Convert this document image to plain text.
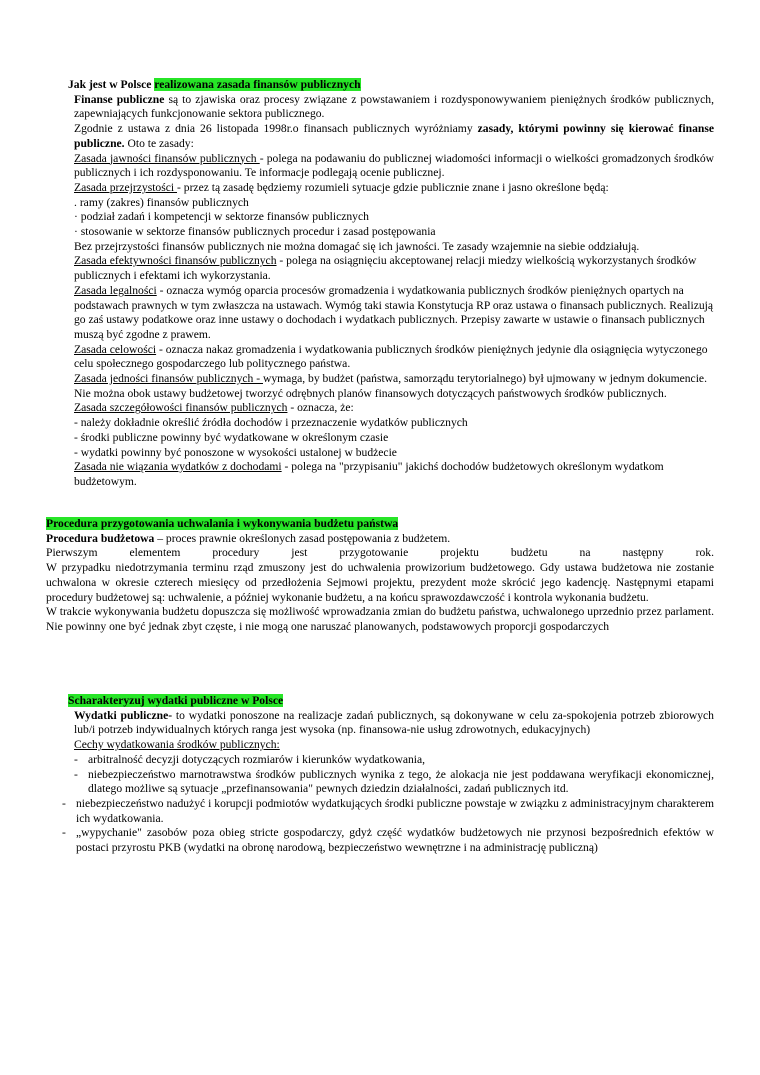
Jak jest w Polsce realizowana zasada finansów publicznych

Finanse publiczne są to zjawiska oraz procesy związane z powstawaniem i rozdysponowywaniem pieniężnych środków publicznych, zapewniających funkcjonowanie sektora publicznego.

Zgodnie z ustawa z dnia 26 listopada 1998r.o finansach publicznych wyróżniamy zasady, którymi powinny się kierować finanse publiczne. Oto te zasady:

Zasada jawności finansów publicznych - polega na podawaniu do publicznej wiadomości informacji o wielkości gromadzonych środków publicznych i ich rozdysponowaniu. Te informacje podlegają ocenie publicznej.

Zasada przejrzystości - przez tą zasadę będziemy rozumieli sytuacje gdzie publicznie znane i jasno określone będą:

. ramy (zakres) finansów publicznych

· podział zadań i kompetencji w sektorze finansów publicznych

· stosowanie w sektorze finansów publicznych procedur i zasad postępowania

Bez przejrzystości finansów publicznych nie można domagać się ich jawności. Te zasady wzajemnie na siebie oddziałują.

Zasada efektywności finansów publicznych - polega na osiągnięciu akceptowanej relacji miedzy wielkością wykorzystanych środków publicznych i efektami ich wykorzystania.

Zasada legalności - oznacza wymóg oparcia procesów gromadzenia i wydatkowania publicznych środków pieniężnych opartych na podstawach prawnych w tym zwłaszcza na ustawach. Wymóg taki stawia Konstytucja RP oraz ustawa o finansach publicznych. Realizują go zaś ustawy podatkowe oraz inne ustawy o dochodach i wydatkach publicznych. Przepisy zawarte w ustawie o finansach publicznych muszą być zgodne z prawem.

Zasada celowości - oznacza nakaz gromadzenia i wydatkowania publicznych środków pieniężnych jedynie dla osiągnięcia wytyczonego celu społecznego gospodarczego lub politycznego państwa.

Zasada jedności finansów publicznych - wymaga, by budżet (państwa, samorządu terytorialnego) był ujmowany w jednym dokumencie. Nie można obok ustawy budżetowej tworzyć odrębnych planów finansowych dotyczących państwowych środków publicznych.

Zasada szczegółowości finansów publicznych - oznacza, że:

- należy dokładnie określić źródła dochodów i przeznaczenie wydatków publicznych

- środki publiczne powinny być wydatkowane w określonym czasie

- wydatki powinny być ponoszone w wysokości ustalonej w budżecie

Zasada nie wiązania wydatków z dochodami - polega na "przypisaniu" jakichś dochodów budżetowych określonym wydatkom budżetowym.

Procedura przygotowania uchwalania i wykonywania budżetu państwa

Procedura budżetowa – proces prawnie określonych zasad postępowania z budżetem.

Pierwszym elementem procedury jest przygotowanie projektu budżetu na następny rok.

W przypadku niedotrzymania terminu rząd zmuszony jest do uchwalenia prowizorium budżetowego. Gdy ustawa budżetowa nie zostanie uchwalona w okresie czterech miesięcy od przedłożenia Sejmowi projektu, prezydent może skrócić jego kadencję. Następnymi etapami procedury budżetowej są: uchwalenie, a później wykonanie budżetu, a na końcu sprawozdawczość i kontrola wykonania budżetu.

W trakcie wykonywania budżetu dopuszcza się możliwość wprowadzania zmian do budżetu państwa, uchwalonego uprzednio przez parlament. Nie powinny one być jednak zbyt częste, i nie mogą one naruszać planowanych, podstawowych proporcji gospodarczych

Scharakteryzuj wydatki publiczne w Polsce

Wydatki publiczne- to wydatki ponoszone na realizacje zadań publicznych, są dokonywane w celu za-spokojenia potrzeb zbiorowych lub/i potrzeb indywidualnych których ranga jest wysoka (np. finansowa-nie usług zdrowotnych, edukacyjnych)

Cechy wydatkowania środków publicznych:

- arbitralność decyzji dotyczących rozmiarów i kierunków wydatkowania,

- niebezpieczeństwo marnotrawstwa środków publicznych wynika z tego, że alokacja nie jest poddawana weryfikacji ekonomicznej, dlatego możliwe są sytuacje „przefinansowania" pewnych dziedzin działalności, zadań publicznych itd.

- niebezpieczeństwo nadużyć i korupcji podmiotów wydatkujących środki publiczne powstaje w związku z administracyjnym charakterem ich wydatkowania.

- „wypychanie" zasobów poza obieg stricte gospodarczy, gdyż część wydatków budżetowych nie przynosi bezpośrednich efektów w postaci przyrostu PKB (wydatki na obronę narodową, bezpieczeństwo wewnętrzne i na administrację publiczną)
